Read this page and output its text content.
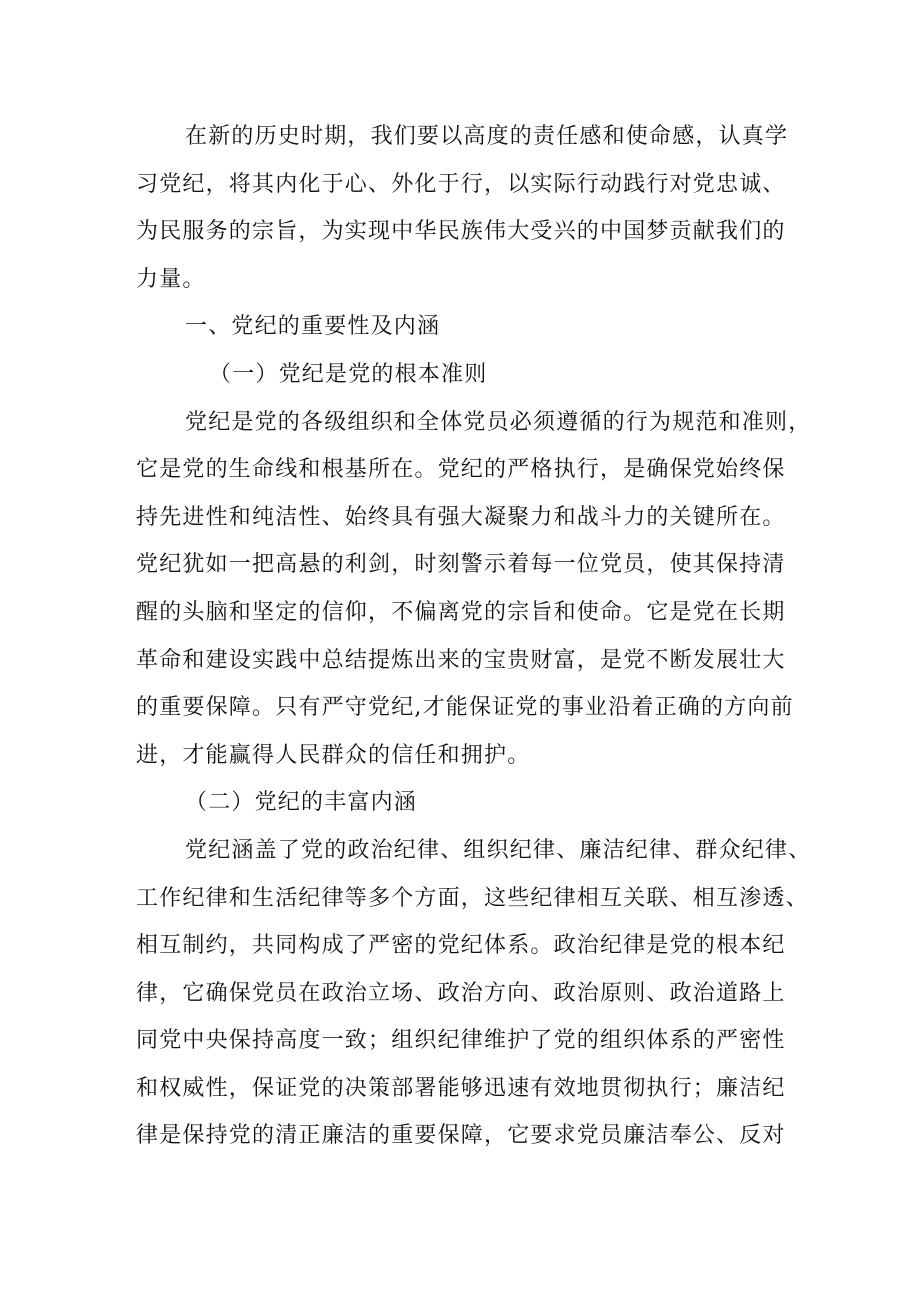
在新的历史时期，我们要以高度的责任感和使命感，认真学
习党纪，将其内化于心、外化于行，以实际行动践行对党忠诚、
为民服务的宗旨，为实现中华民族伟大受兴的中国梦贡献我们的
力量。
一、党纪的重要性及内涵
（一）党纪是党的根本准则
党纪是党的各级组织和全体党员必须遵循的行为规范和准则，
它是党的生命线和根基所在。党纪的严格执行，是确保党始终保
持先进性和纯洁性、始终具有强大凝聚力和战斗力的关键所在。
党纪犹如一把高悬的利剑，时刻警示着每一位党员，使其保持清
醒的头脑和坚定的信仰，不偏离党的宗旨和使命。它是党在长期
革命和建设实践中总结提炼出来的宝贵财富，是党不断发展壮大
的重要保障。只有严守党纪,才能保证党的事业沿着正确的方向前
进，才能赢得人民群众的信任和拥护。
（二）党纪的丰富内涵
党纪涵盖了党的政治纪律、组织纪律、廉洁纪律、群众纪律、
工作纪律和生活纪律等多个方面，这些纪律相互关联、相互渗透、
相互制约，共同构成了严密的党纪体系。政治纪律是党的根本纪
律，它确保党员在政治立场、政治方向、政治原则、政治道路上
同党中央保持高度一致；组织纪律维护了党的组织体系的严密性
和权威性，保证党的决策部署能够迅速有效地贯彻执行；廉洁纪
律是保持党的清正廉洁的重要保障，它要求党员廉洁奉公、反对
